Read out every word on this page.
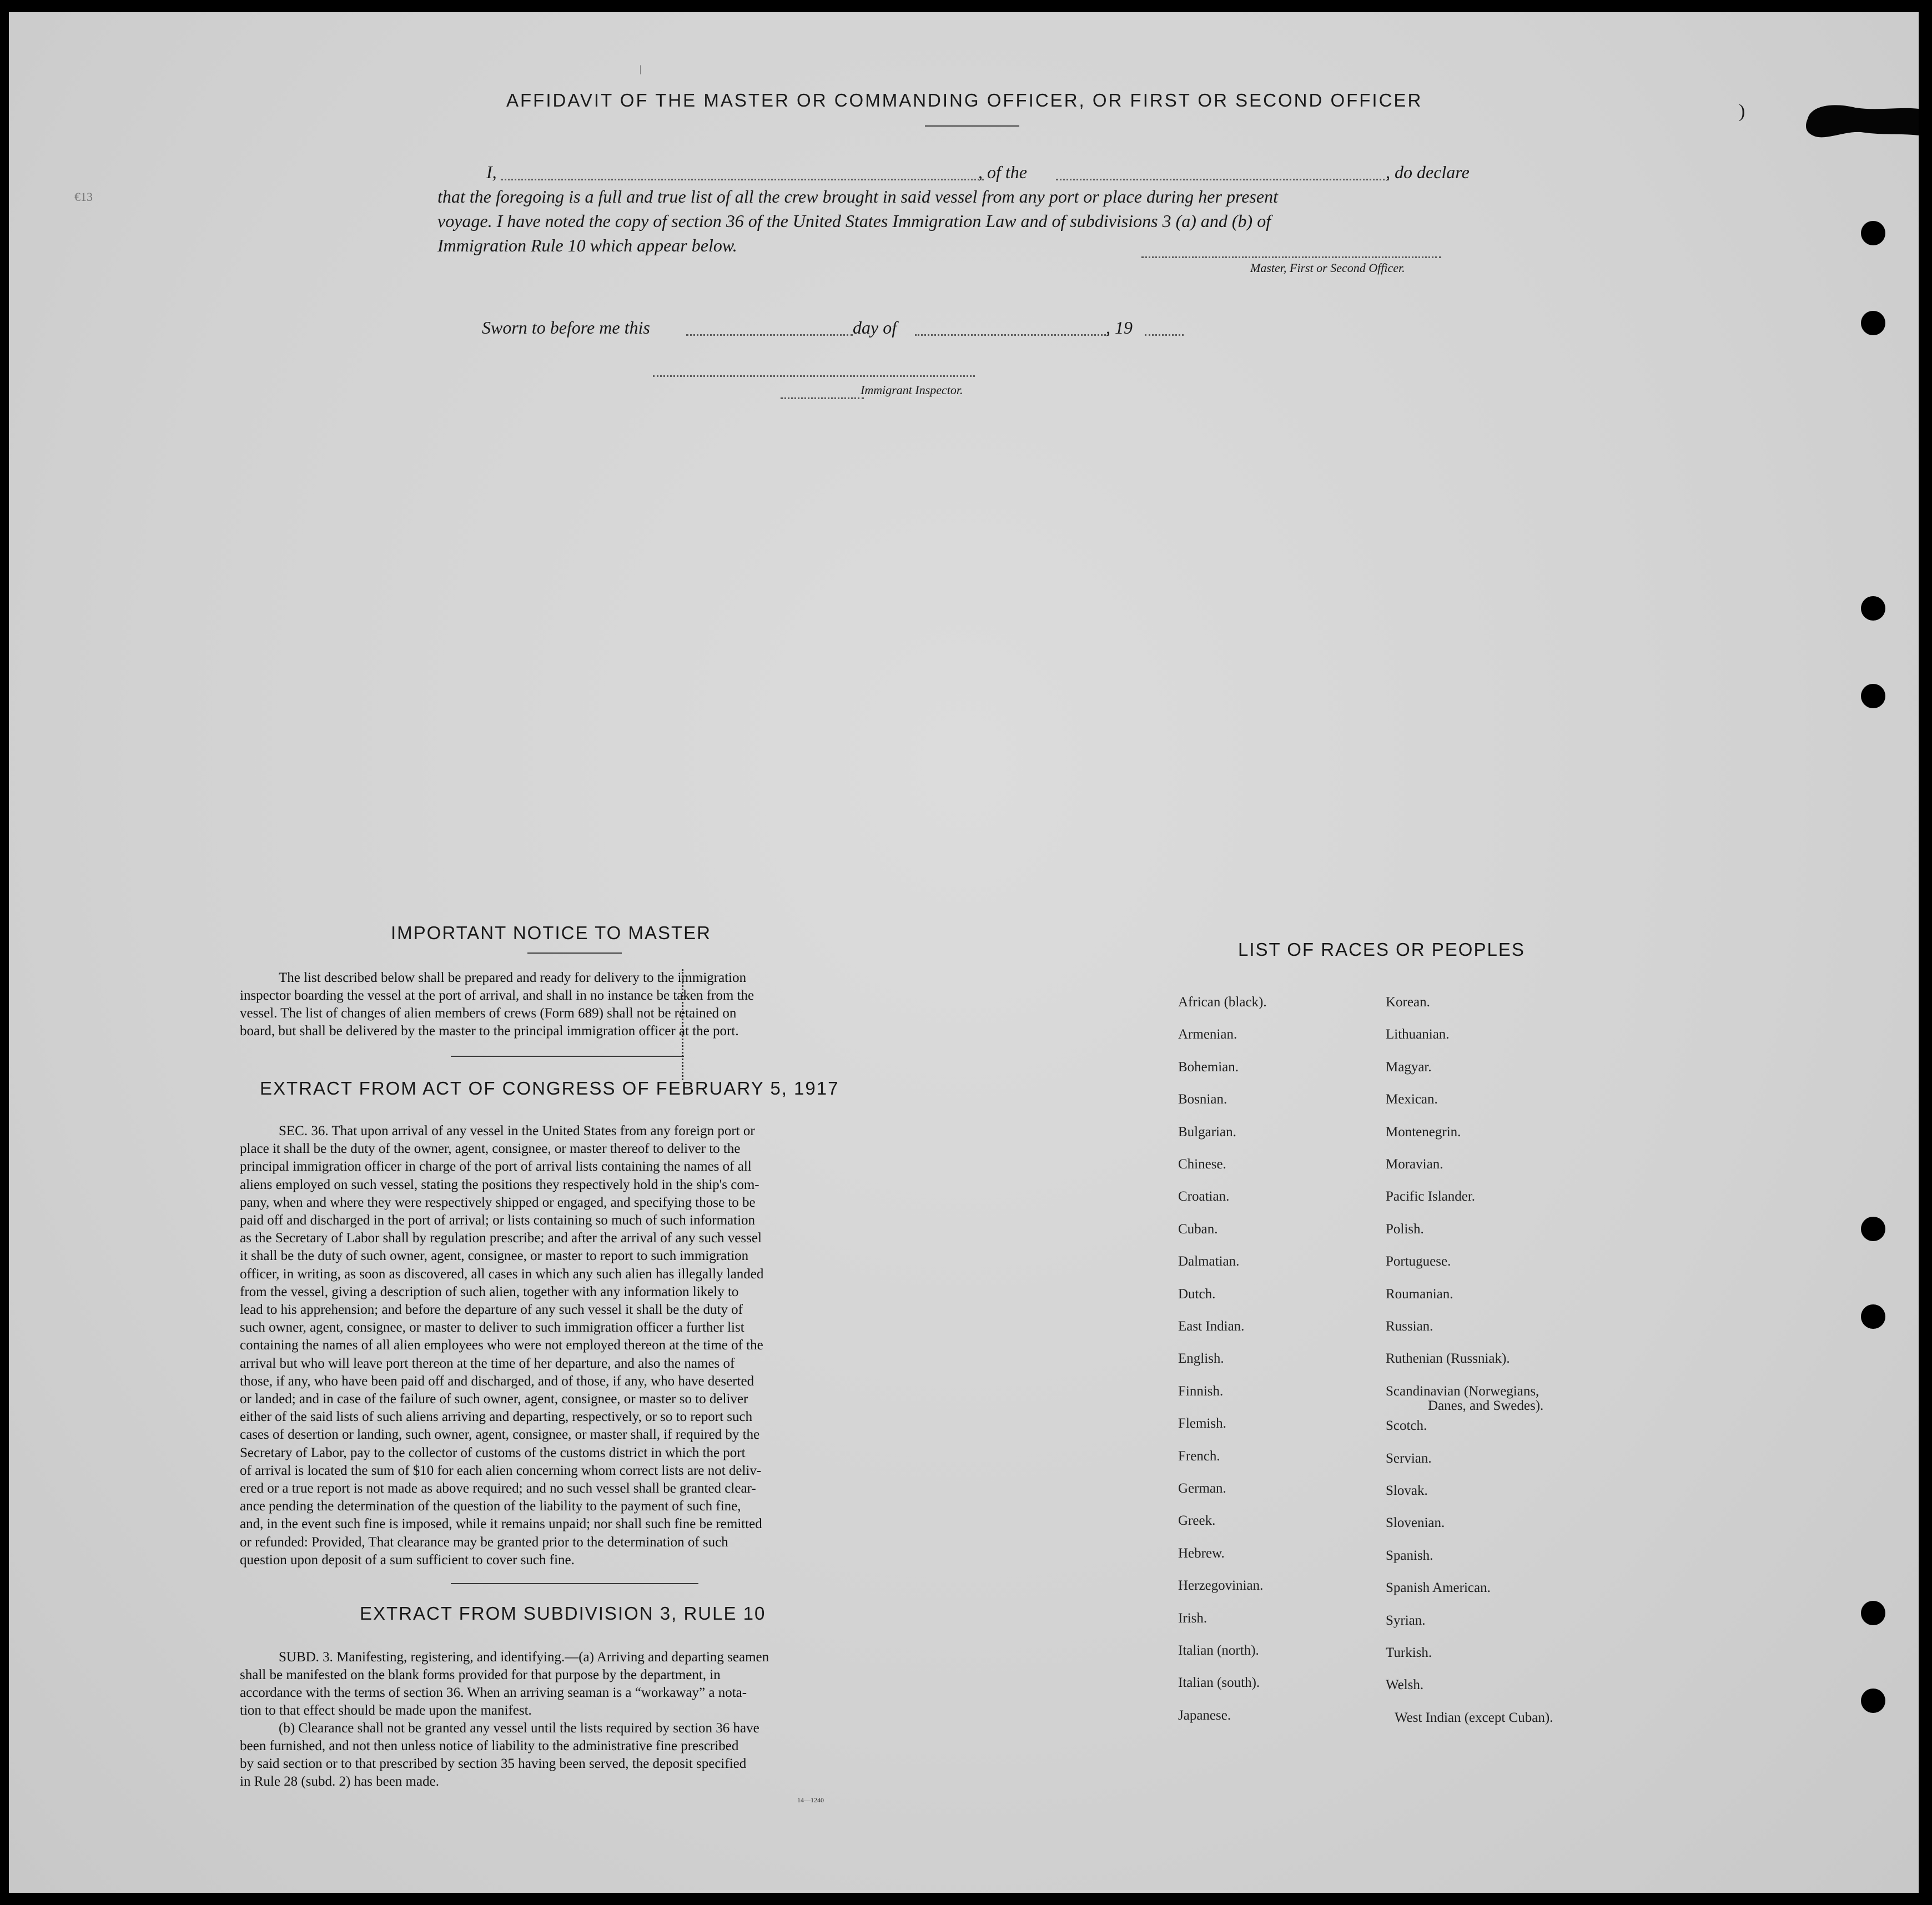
€13
)
|
AFFIDAVIT OF THE MASTER OR COMMANDING OFFICER, OR FIRST OR SECOND OFFICER
I,	, of the	, do declare
that the foregoing is a full and true list of all the crew brought in said vessel from any port or place during her present
voyage. I have noted the copy of section 36 of the United States Immigration Law and of subdivisions 3 (a) and (b) of
Immigration Rule 10 which appear below.
Master, First or Second Officer.
Sworn to before me this	day of	, 19
Immigrant Inspector.
IMPORTANT NOTICE TO MASTER
The list described below shall be prepared and ready for delivery to the immigration
inspector boarding the vessel at the port of arrival, and shall in no instance be taken from the
vessel. The list of changes of alien members of crews (Form 689) shall not be retained on
board, but shall be delivered by the master to the principal immigration officer at the port.
EXTRACT FROM ACT OF CONGRESS OF FEBRUARY 5, 1917
SEC. 36. That upon arrival of any vessel in the United States from any foreign port or
place it shall be the duty of the owner, agent, consignee, or master thereof to deliver to the
principal immigration officer in charge of the port of arrival lists containing the names of all
aliens employed on such vessel, stating the positions they respectively hold in the ship's com-
pany, when and where they were respectively shipped or engaged, and specifying those to be
paid off and discharged in the port of arrival; or lists containing so much of such information
as the Secretary of Labor shall by regulation prescribe; and after the arrival of any such vessel
it shall be the duty of such owner, agent, consignee, or master to report to such immigration
officer, in writing, as soon as discovered, all cases in which any such alien has illegally landed
from the vessel, giving a description of such alien, together with any information likely to
lead to his apprehension; and before the departure of any such vessel it shall be the duty of
such owner, agent, consignee, or master to deliver to such immigration officer a further list
containing the names of all alien employees who were not employed thereon at the time of the
arrival but who will leave port thereon at the time of her departure, and also the names of
those, if any, who have been paid off and discharged, and of those, if any, who have deserted
or landed; and in case of the failure of such owner, agent, consignee, or master so to deliver
either of the said lists of such aliens arriving and departing, respectively, or so to report such
cases of desertion or landing, such owner, agent, consignee, or master shall, if required by the
Secretary of Labor, pay to the collector of customs of the customs district in which the port
of arrival is located the sum of $10 for each alien concerning whom correct lists are not deliv-
ered or a true report is not made as above required; and no such vessel shall be granted clear-
ance pending the determination of the question of the liability to the payment of such fine,
and, in the event such fine is imposed, while it remains unpaid; nor shall such fine be remitted
or refunded: Provided, That clearance may be granted prior to the determination of such
question upon deposit of a sum sufficient to cover such fine.
EXTRACT FROM SUBDIVISION 3, RULE 10
SUBD. 3. Manifesting, registering, and identifying.—(a) Arriving and departing seamen
shall be manifested on the blank forms provided for that purpose by the department, in
accordance with the terms of section 36. When an arriving seaman is a “workaway” a nota-
tion to that effect should be made upon the manifest.
(b) Clearance shall not be granted any vessel until the lists required by section 36 have
been furnished, and not then unless notice of liability to the administrative fine prescribed
by said section or to that prescribed by section 35 having been served, the deposit specified
in Rule 28 (subd. 2) has been made.
14—1240
LIST OF RACES OR PEOPLES
African (black).
Armenian.
Bohemian.
Bosnian.
Bulgarian.
Chinese.
Croatian.
Cuban.
Dalmatian.
Dutch.
East Indian.
English.
Finnish.
Flemish.
French.
German.
Greek.
Hebrew.
Herzegovinian.
Irish.
Italian (north).
Italian (south).
Japanese.
Korean.
Lithuanian.
Magyar.
Mexican.
Montenegrin.
Moravian.
Pacific Islander.
Polish.
Portuguese.
Roumanian.
Russian.
Ruthenian (Russniak).
Scandinavian (Norwegians,
Scotch.
Servian.
Slovak.
Slovenian.
Spanish.
Spanish American.
Syrian.
Turkish.
Welsh.
West Indian (except Cuban).
Danes, and Swedes).
